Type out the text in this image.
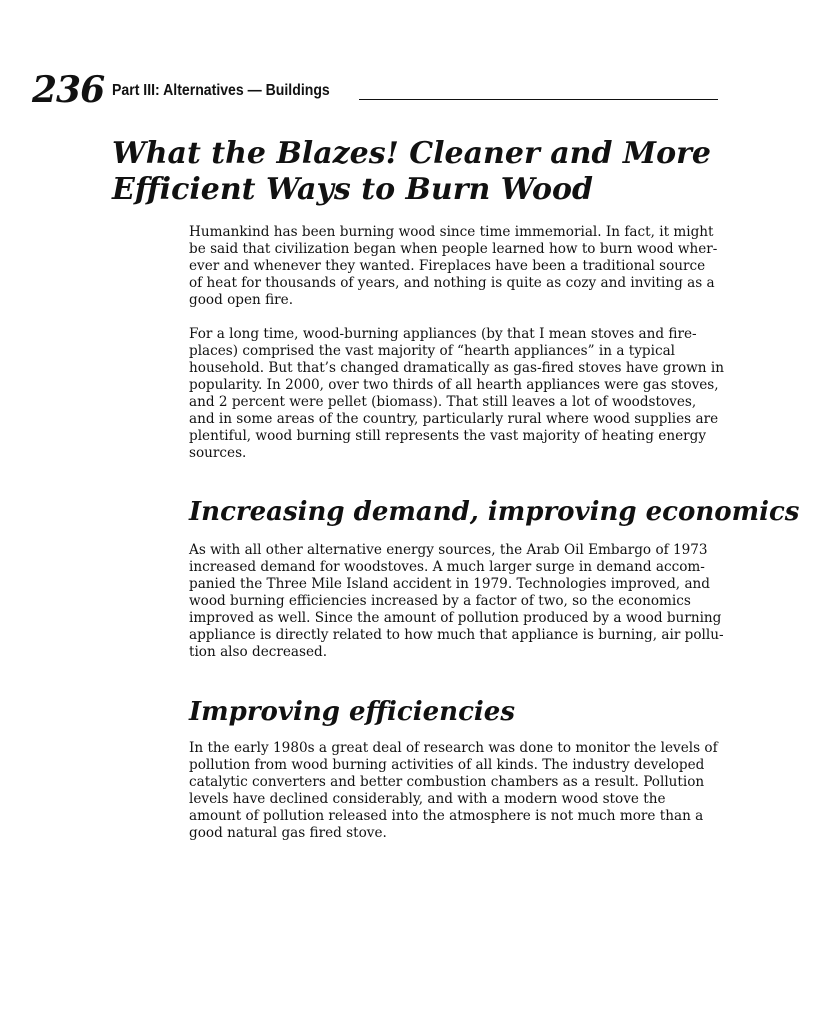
236 Part III: Alternatives — Buildings
What the Blazes! Cleaner and More
Efficient Ways to Burn Wood

Humankind has been burning wood since time immemorial. In fact, it might
be said that civilization began when people learned how to burn wood wher-
ever and whenever they wanted. Fireplaces have been a traditional source
of heat for thousands of years, and nothing is quite as cozy and inviting as a
good open fire.

For a long time, wood-burning appliances (by that I mean stoves and fire-
places) comprised the vast majority of “hearth appliances” in a typical
household. But that’s changed dramatically as gas-fired stoves have grown in
popularity. In 2000, over two thirds of all hearth appliances were gas stoves,
and 2 percent were pellet (biomass). That still leaves a lot of woodstoves,
and in some areas of the country, particularly rural where wood supplies are
plentiful, wood burning still represents the vast majority of heating energy
sources.

Increasing demand, improving economics

As with all other alternative energy sources, the Arab Oil Embargo of 1973
increased demand for woodstoves. A much larger surge in demand accom-
panied the Three Mile Island accident in 1979. Technologies improved, and
wood burning efficiencies increased by a factor of two, so the economics
improved as well. Since the amount of pollution produced by a wood burning
appliance is directly related to how much that appliance is burning, air pollu-
tion also decreased.

Improving efficiencies

In the early 1980s a great deal of research was done to monitor the levels of
pollution from wood burning activities of all kinds. The industry developed
catalytic converters and better combustion chambers as a result. Pollution
levels have declined considerably, and with a modern wood stove the
amount of pollution released into the atmosphere is not much more than a
good natural gas fired stove.
